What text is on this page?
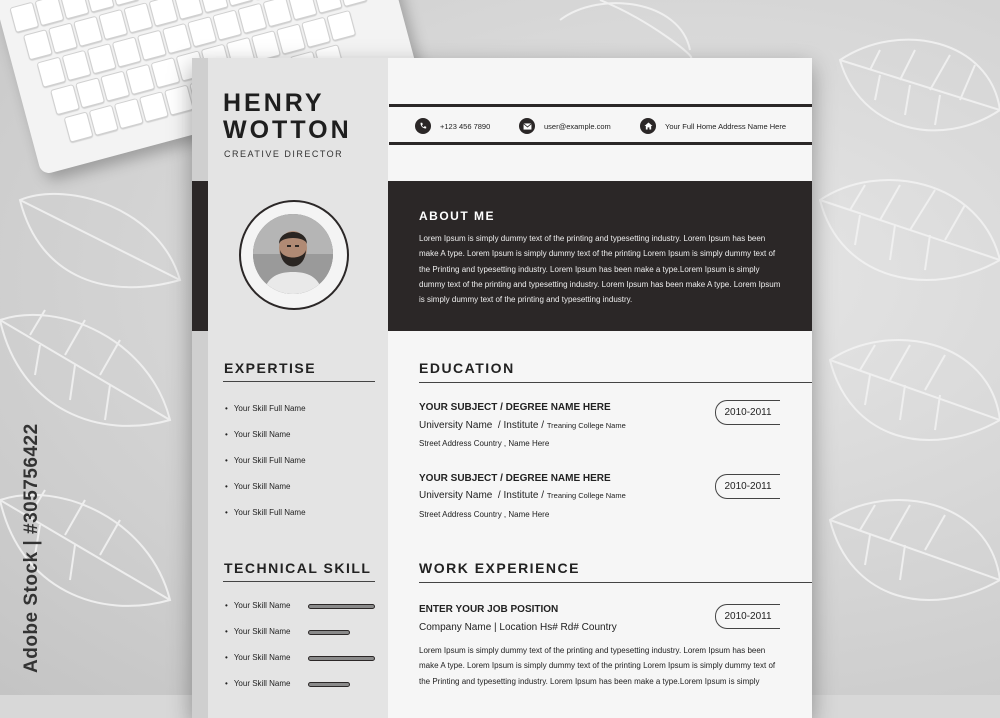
Adobe Stock | #305756422
HENRY
WOTTON
CREATIVE DIRECTOR
+123 456 7890	user@example.com	Your Full Home Address Name Here
ABOUT ME
Lorem Ipsum is simply dummy text of the printing and typesetting industry. Lorem Ipsum has been make A type. Lorem Ipsum is simply dummy text of the printing Lorem Ipsum is simply dummy text of the Printing and typesetting industry. Lorem Ipsum has been make a type.Lorem Ipsum is simply dummy text of the printing and typesetting industry. Lorem Ipsum has been make A type. Lorem Ipsum is simply dummy text of the printing and typesetting industry.
EXPERTISE
• Your Skill Full Name
• Your Skill Name
• Your Skill Full Name
• Your Skill Name
• Your Skill Full Name
TECHNICAL SKILL
• Your Skill Name
• Your Skill Name
• Your Skill Name
• Your Skill Name
EDUCATION
YOUR SUBJECT / DEGREE NAME HERE
University Name / Institute / Treaning College Name
Street Address Country , Name Here
2010-2011
YOUR SUBJECT / DEGREE NAME HERE
University Name / Institute / Treaning College Name
Street Address Country , Name Here
2010-2011
WORK EXPERIENCE
ENTER YOUR JOB POSITION
Company Name | Location Hs# Rd# Country
2010-2011
Lorem Ipsum is simply dummy text of the printing and typesetting industry. Lorem Ipsum has been make A type. Lorem Ipsum is simply dummy text of the printing Lorem Ipsum is simply dummy text of the Printing and typesetting industry. Lorem Ipsum has been make a type.Lorem Ipsum is simply
